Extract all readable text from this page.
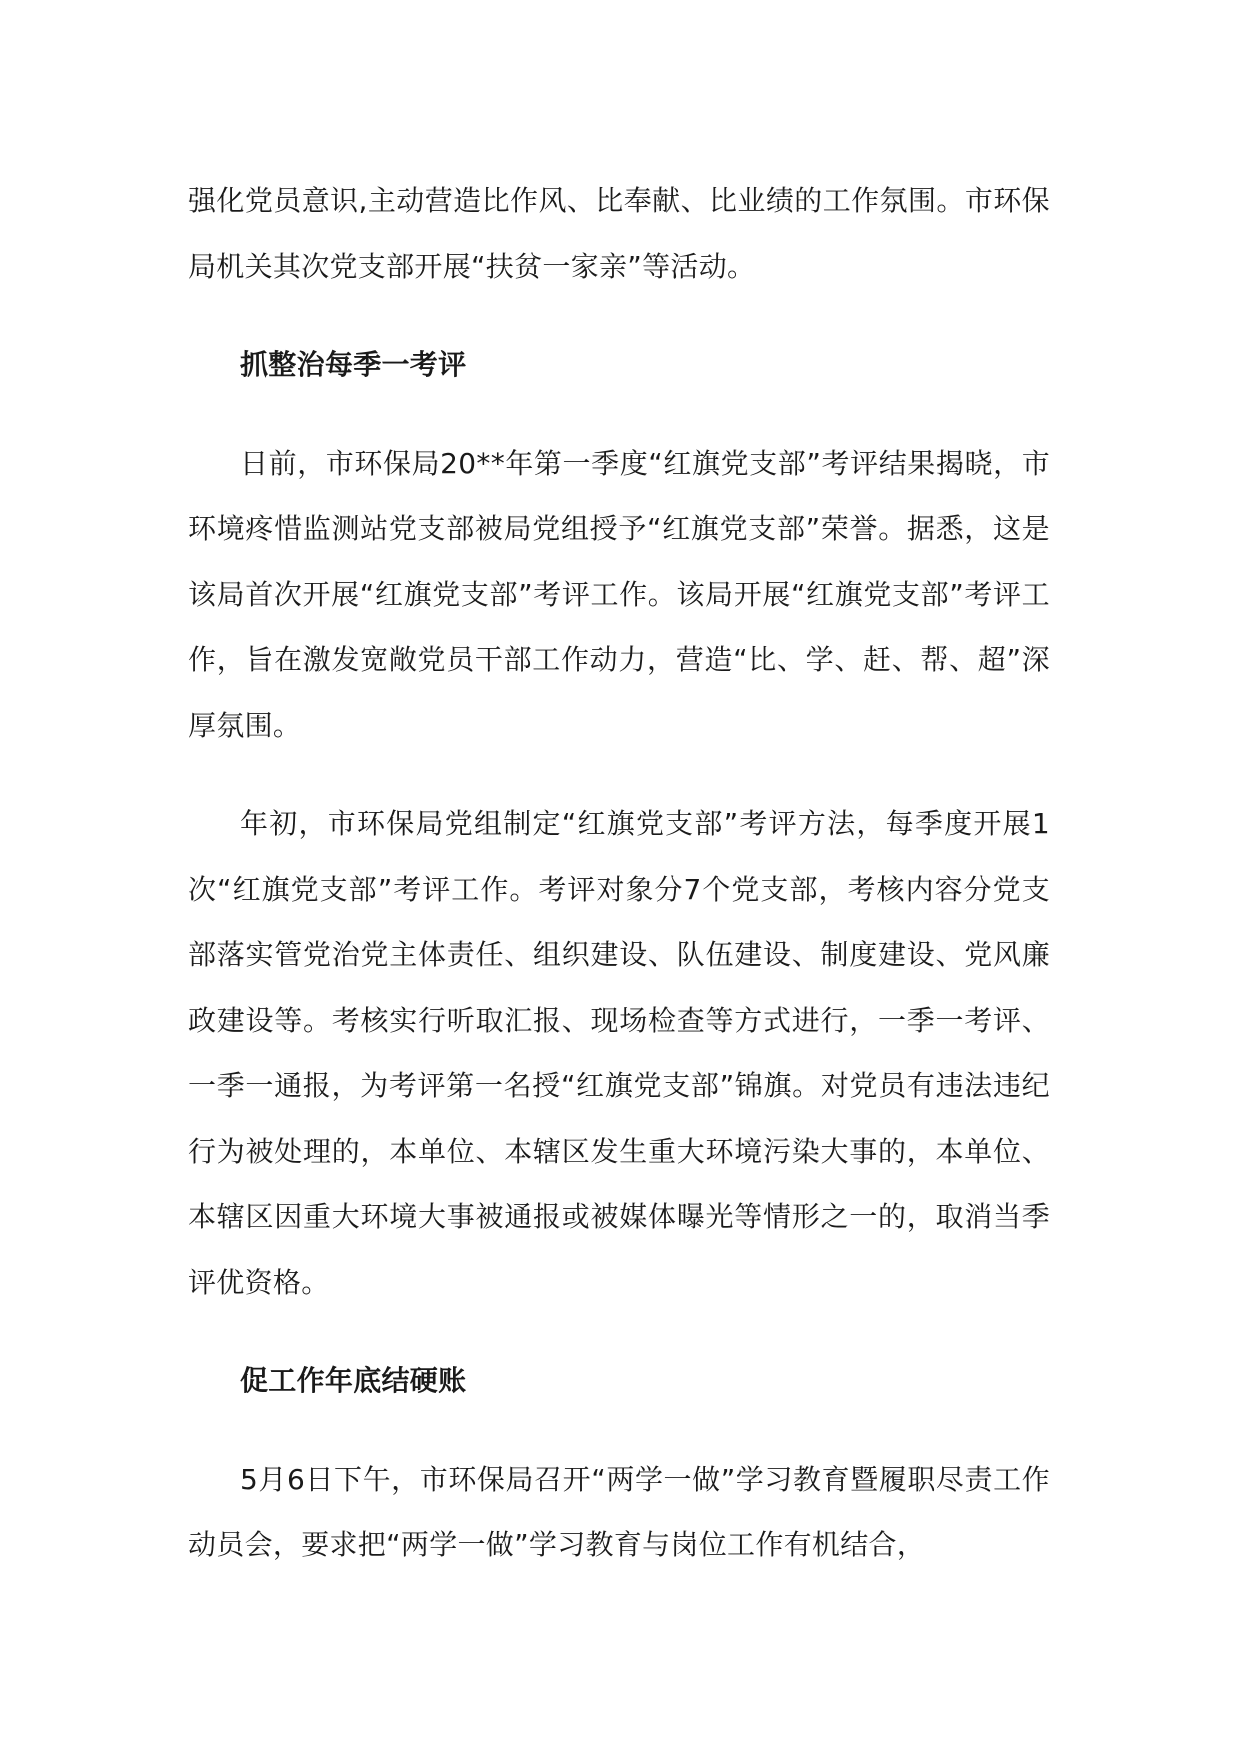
强化党员意识,主动营造比作风、比奉献、比业绩的工作氛围。市环保局机关其次党支部开展“扶贫一家亲”等活动。

抓整治每季一考评

日前，市环保局20**年第一季度“红旗党支部”考评结果揭晓，市环境疼惜监测站党支部被局党组授予“红旗党支部”荣誉。据悉，这是该局首次开展“红旗党支部”考评工作。该局开展“红旗党支部”考评工作，旨在激发宽敞党员干部工作动力，营造“比、学、赶、帮、超”深厚氛围。

年初，市环保局党组制定“红旗党支部”考评方法，每季度开展1次“红旗党支部”考评工作。考评对象分7个党支部，考核内容分党支部落实管党治党主体责任、组织建设、队伍建设、制度建设、党风廉政建设等。考核实行听取汇报、现场检查等方式进行，一季一考评、一季一通报，为考评第一名授“红旗党支部”锦旗。对党员有违法违纪行为被处理的，本单位、本辖区发生重大环境污染大事的，本单位、本辖区因重大环境大事被通报或被媒体曝光等情形之一的，取消当季评优资格。

促工作年底结硬账

5月6日下午，市环保局召开“两学一做”学习教育暨履职尽责工作动员会，要求把“两学一做”学习教育与岗位工作有机结合，
